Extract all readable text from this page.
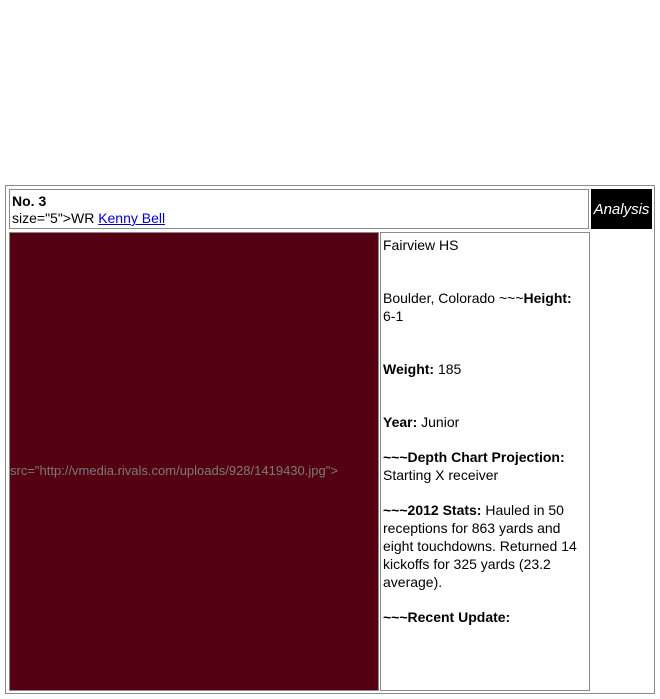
No. 3
size="5">WR Kenny Bell
Analysis
src="http://vmedia.rivals.com/uploads/928/1419430.jpg">

Fairview HS

Boulder, Colorado ~~~Height:
6-1

Weight: 185

Year: Junior

~~~Depth Chart Projection:
Starting X receiver

~~~2012 Stats: Hauled in 50 receptions for 863 yards and eight touchdowns. Returned 14 kickoffs for 325 yards (23.2 average).

~~~Recent Update:
